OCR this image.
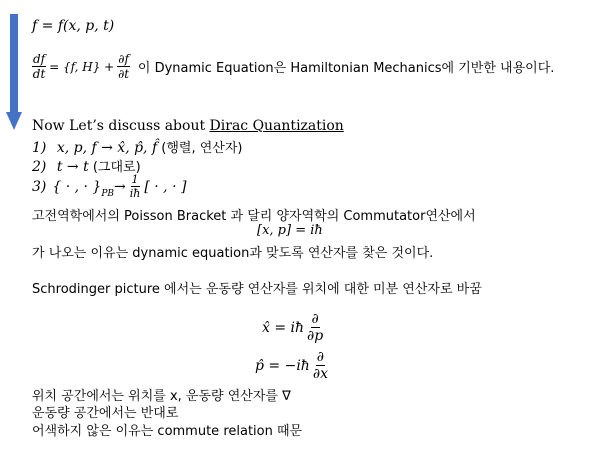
f = f(x, p, t)
$\frac{df}{dt} = \{f$, $H\} + \frac{\partial f}{\partial t}$ 이 Dynamic Equation은 Hamiltonian Mechanics에 기반한 내용이다.
Now Let’s discuss about Dirac Quantization
1) x, p, f → x̂, p̂, f̂ (행렬, 연산자)
2) t → t (그대로)
3) { · , · }$_{PB} \to \frac{1}{iħ}$ [ · , · ]
고전역학에서의 Poisson Bracket 과 달리 양자역학의 Commutator연산에서
[x, p] = iħ
가 나오는 이유는 dynamic equation과 맞도록 연산자를 찾은 것이다.
Schrodinger picture 에서는 운동량 연산자를 위치에 대한 미분 연산자로 바꿈
x̂ = iħ $\frac{\partial}{\partial p}$
p̂ = −iħ $\frac{\partial}{\partial x}$
위치 공간에서는 위치를 x, 운동량 연산자를 ∇
운동량 공간에서는 반대로
어색하지 않은 이유는 commute relation 때문
